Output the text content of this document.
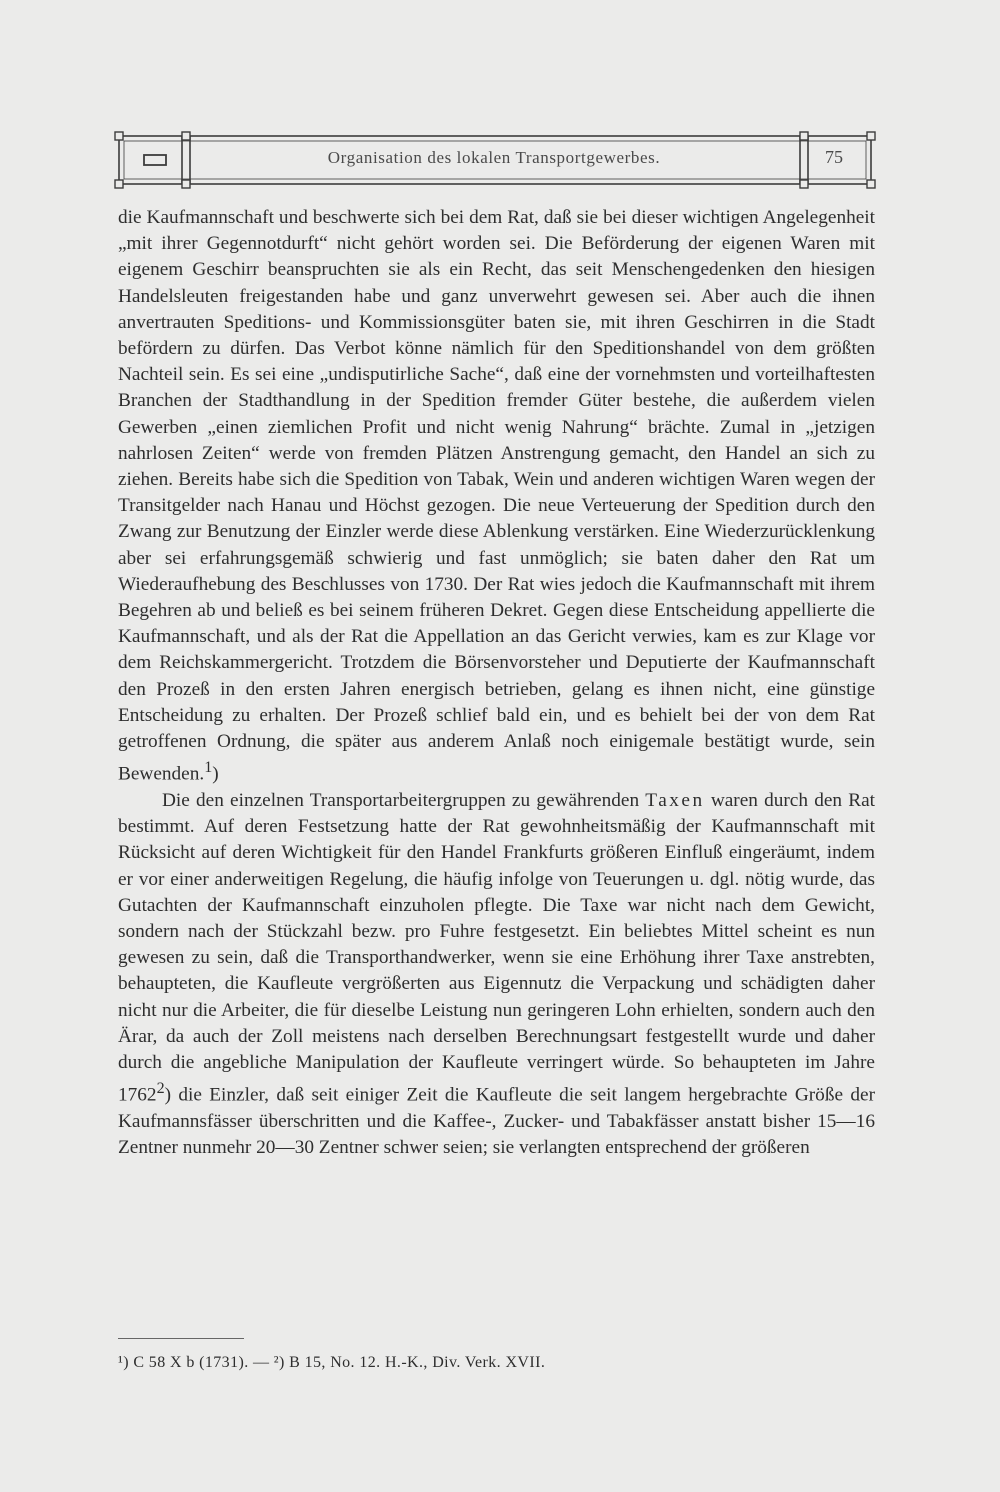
Organisation des lokalen Transportgewerbes.	75

die Kaufmannschaft und beschwerte sich bei dem Rat, daß sie bei dieser wichtigen Angelegenheit „mit ihrer Gegennotdurft“ nicht gehört worden sei. Die Beförderung der eigenen Waren mit eigenem Geschirr beanspruchten sie als ein Recht, das seit Menschengedenken den hiesigen Handelsleuten freigestanden habe und ganz unverwehrt gewesen sei. Aber auch die ihnen anvertrauten Speditions- und Kommissionsgüter baten sie, mit ihren Geschirren in die Stadt befördern zu dürfen. Das Verbot könne nämlich für den Speditionshandel von dem größten Nachteil sein. Es sei eine „undisputirliche Sache“, daß eine der vornehmsten und vorteilhaftesten Branchen der Stadthandlung in der Spedition fremder Güter bestehe, die außerdem vielen Gewerben „einen ziemlichen Profit und nicht wenig Nahrung“ brächte. Zumal in „jetzigen nahrlosen Zeiten“ werde von fremden Plätzen Anstrengung gemacht, den Handel an sich zu ziehen. Bereits habe sich die Spedition von Tabak, Wein und anderen wichtigen Waren wegen der Transitgelder nach Hanau und Höchst gezogen. Die neue Verteuerung der Spedition durch den Zwang zur Benutzung der Einzler werde diese Ablenkung verstärken. Eine Wiederzurücklenkung aber sei erfahrungsgemäß schwierig und fast unmöglich; sie baten daher den Rat um Wiederaufhebung des Beschlusses von 1730. Der Rat wies jedoch die Kaufmannschaft mit ihrem Begehren ab und beließ es bei seinem früheren Dekret. Gegen diese Entscheidung appellierte die Kaufmannschaft, und als der Rat die Appellation an das Gericht verwies, kam es zur Klage vor dem Reichskammergericht. Trotzdem die Börsenvorsteher und Deputierte der Kaufmannschaft den Prozeß in den ersten Jahren energisch betrieben, gelang es ihnen nicht, eine günstige Entscheidung zu erhalten. Der Prozeß schlief bald ein, und es behielt bei der von dem Rat getroffenen Ordnung, die später aus anderem Anlaß noch einigemale bestätigt wurde, sein Bewenden.$^1$)

Die den einzelnen Transportarbeitergruppen zu gewährenden Taxen waren durch den Rat bestimmt. Auf deren Festsetzung hatte der Rat gewohnheitsmäßig der Kaufmannschaft mit Rücksicht auf deren Wichtigkeit für den Handel Frankfurts größeren Einfluß eingeräumt, indem er vor einer anderweitigen Regelung, die häufig infolge von Teuerungen u. dgl. nötig wurde, das Gutachten der Kaufmannschaft einzuholen pflegte. Die Taxe war nicht nach dem Gewicht, sondern nach der Stückzahl bezw. pro Fuhre festgesetzt. Ein beliebtes Mittel scheint es nun gewesen zu sein, daß die Transporthandwerker, wenn sie eine Erhöhung ihrer Taxe anstrebten, behaupteten, die Kaufleute vergrößerten aus Eigennutz die Verpackung und schädigten daher nicht nur die Arbeiter, die für dieselbe Leistung nun geringeren Lohn erhielten, sondern auch den Ärar, da auch der Zoll meistens nach derselben Berechnungsart festgestellt wurde und daher durch die angebliche Manipulation der Kaufleute verringert würde. So behaupteten im Jahre 1762$^2$) die Einzler, daß seit einiger Zeit die Kaufleute die seit langem hergebrachte Größe der Kaufmannsfässer überschritten und die Kaffee-, Zucker- und Tabakfässer anstatt bisher 15—16 Zentner nunmehr 20—30 Zentner schwer seien; sie verlangten entsprechend der größeren

¹) C 58 X b (1731). — ²) B 15, No. 12. H.-K., Div. Verk. XVII.
